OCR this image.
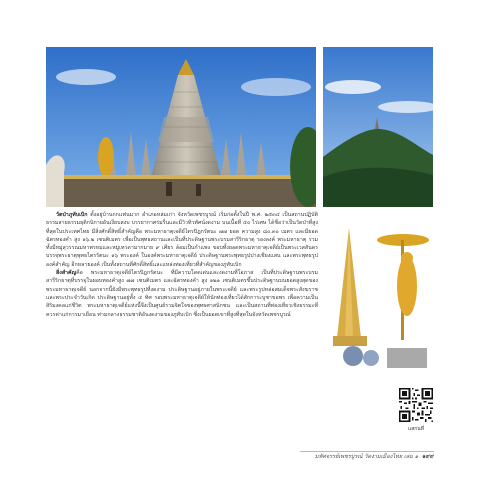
วัดป่าภูทับเบิก ตั้งอยู่บ้านกกแฟนมาก อำเภอหล่มเก่า จังหวัดเพชรบูรณ์ เริ่มก่อตั้งในปี พ.ศ. ๒๕๓๔ เป็นสถานปฏิบัติธรรมสายธรรมยุติกนิกายอันเงียบสงบ บรรยากาศร่มรื่นและมีวิวทิวทัศน์งดงาม บนเนื้อที่ ๕๐ ไร่เศษ ได้ชื่อว่าเป็นวัดป่าที่สูงที่สุดในประเทศไทย มีสิ่งศักดิ์สิทธิ์สำคัญคือ พระมหาธาตุเจดีย์ไตรปิฎกรัตนะ ๗๗ ยอด ความสูง ๘๐.๓๐ เมตร และมียอดฉัตรทองคำ สูง ๑๖.๒ เซนติเมตร เพื่อเป็นพุทธสถานและเป็นที่ประดิษฐานพระบรมสารีริกธาตุ รองลงค์ พระมหาธาตุ รวมทั้งมีหมู่สุวรรณมหาพรหมและหมู่เทวดามากมาย ๙ เศียร ล้อมเป็นกำแพง ขอบทั้งยอดพระมหาธาตุเจดีย์เป็นพระเวสสันดร บรรจุพระธาตุพุทธไตรรัตนะ ๑๖ พระองค์ ในองค์พระมหาธาตุเจดีย์ ประดิษฐานพระพุทธรูปปางเชียงแสน และพระพุทธรูปองค์สำคัญ อีกหลายองค์ เป็นทั้งสถานที่ศักดิ์สิทธิ์และแหล่งท่องเที่ยวที่สำคัญของภูทับเบิก

สิ่งสำคัญคือ พระมหาธาตุเจดีย์ไตรปิฎกรัตนะ ที่มีความโดดเด่นและงดงามที่โอภาส เป็นที่ประดิษฐานพระบรมสารีริกธาตุที่บรรจุในผอบทองคำสูง ๗๗ เซนติเมตร และฉัตรทองคำ สูง ๑๒๑ เซนติเมตรขึ้นประดิษฐานบนยอดสูงสุดของพระมหาธาตุเจดีย์ นอกจากนี้ยังมีพระพุทธรูปที่งดงาม ประดิษฐานอยู่ภายในพระเจดีย์ และพระรูปหล่อสมเด็จพระสังฆราช และพระประจำวันเกิด ประดิษฐานอยู่ทั้ง ๔ ทิศ รอบพระมหาธาตุเจดีย์ให้นักท่องเที่ยวได้สักการะบูชาขอพร เพื่อความเป็นสิริมงคลแก่ชีวิต พระมหาธาตุเจดีย์แห่งนี้จึงเป็นศูนย์รวมจิตใจของพุทธศาสนิกชน และเป็นสถานที่ท่องเที่ยวเชิงธรรมะที่ควรค่าแก่การมาเยือน ท่ามกลางธรรมชาติอันงดงามของภูทับเบิก ซึ่งเป็นยอดเขาที่สูงที่สุดในจังหวัดเพชรบูรณ์

แสกนที่
มหัศจรรย์เพชรบูรณ์ วัดงามเมืองไทย เล่ม ๑ ๑๙๙
